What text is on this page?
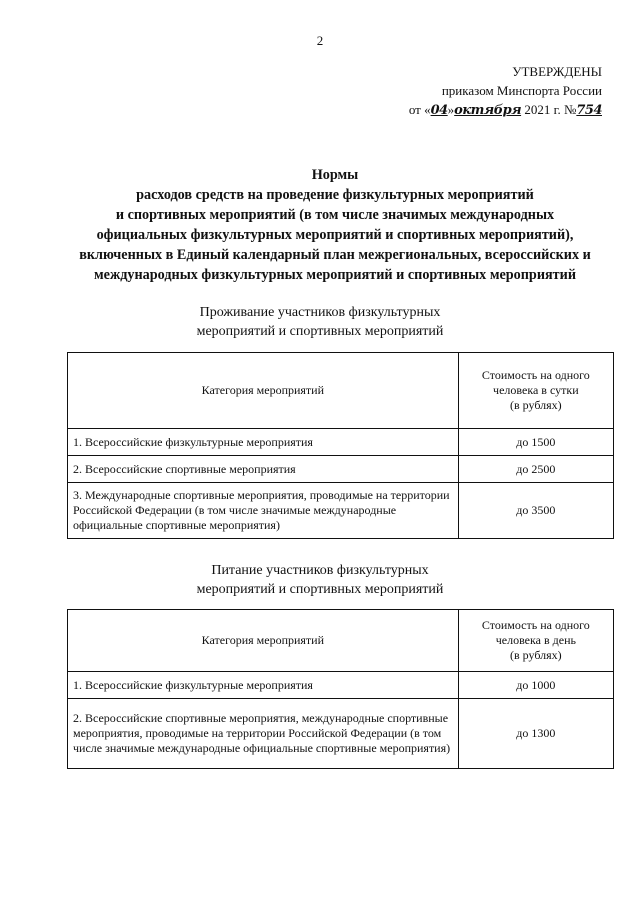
2
УТВЕРЖДЕНЫ
приказом Минспорта России
от «04»октября 2021 г. №754
Нормы
расходов средств на проведение физкультурных мероприятий
и спортивных мероприятий (в том числе значимых международных
официальных физкультурных мероприятий и спортивных мероприятий),
включенных в Единый календарный план межрегиональных, всероссийских и
международных физкультурных мероприятий и спортивных мероприятий
Проживание участников физкультурных
мероприятий и спортивных мероприятий
Категория мероприятий	Стоимость на одного
человека в сутки
(в рублях)

1. Всероссийские физкультурные мероприятия	до 1500
2. Всероссийские спортивные мероприятия	до 2500
3. Международные спортивные мероприятия, проводимые на территории Российской Федерации (в том числе значимые международные официальные спортивные мероприятия)	до 3500
Питание участников физкультурных
мероприятий и спортивных мероприятий
Категория мероприятий	Стоимость на одного
человека в день
(в рублях)

1. Всероссийские физкультурные мероприятия	до 1000
2. Всероссийские спортивные мероприятия, международные спортивные мероприятия, проводимые на территории Российской Федерации (в том числе значимые международные официальные спортивные мероприятия)	до 1300
